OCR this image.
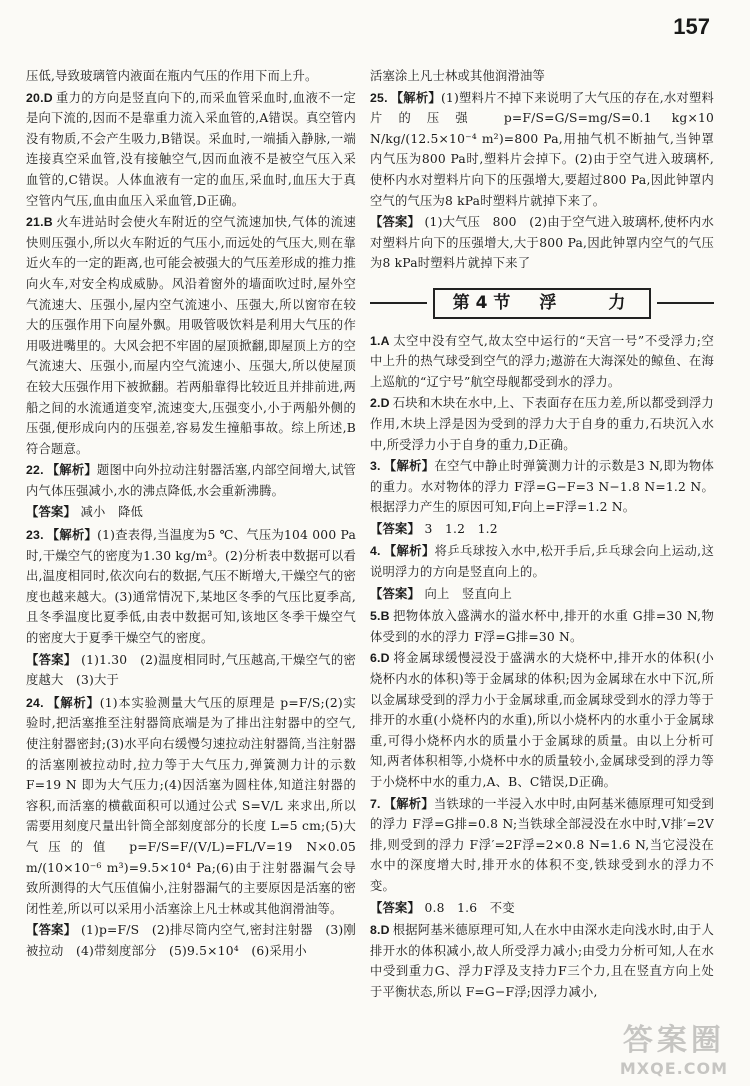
157

压低,导致玻璃管内液面在瓶内气压的作用下而上升。

20.D 重力的方向是竖直向下的,而采血管采血时,血液不一定是向下流的,因而不是靠重力流入采血管的,A错误。真空管内没有物质,不会产生吸力,B错误。采血时,一端插入静脉,一端连接真空采血管,没有接触空气,因而血液不是被空气压入采血管的,C错误。人体血液有一定的血压,采血时,血压大于真空管内气压,血由血压入采血管,D正确。

21.B 火车进站时会使火车附近的空气流速加快,气体的流速快则压强小,所以火车附近的气压小,而远处的气压大,则在靠近火车的一定的距离,也可能会被强大的气压差形成的推力推向火车,对安全构成威胁。风沿着窗外的墙面吹过时,屋外空气流速大、压强小,屋内空气流速小、压强大,所以窗帘在较大的压强作用下向屋外飘。用吸管吸饮料是利用大气压的作用吸进嘴里的。大风会把不牢固的屋顶掀翻,即屋顶上方的空气流速大、压强小,而屋内空气流速小、压强大,所以使屋顶在较大压强作用下被掀翻。若两船靠得比较近且并排前进,两船之间的水流通道变窄,流速变大,压强变小,小于两船外侧的压强,便形成向内的压强差,容易发生撞船事故。综上所述,B符合题意。

22. 【解析】题图中向外拉动注射器活塞,内部空间增大,试管内气体压强减小,水的沸点降低,水会重新沸腾。

【答案】 减小　降低

23. 【解析】(1)查表得,当温度为5 ℃、气压为104 000 Pa时,干燥空气的密度为1.30 kg/m³。(2)分析表中数据可以看出,温度相同时,依次向右的数据,气压不断增大,干燥空气的密度也越来越大。(3)通常情况下,某地区冬季的气压比夏季高,且冬季温度比夏季低,由表中数据可知,该地区冬季干燥空气的密度大于夏季干燥空气的密度。

【答案】 (1)1.30　(2)温度相同时,气压越高,干燥空气的密度越大　(3)大于

24. 【解析】(1)本实验测量大气压的原理是 p=F/S;(2)实验时,把活塞推至注射器筒底端是为了排出注射器中的空气,使注射器密封;(3)水平向右缓慢匀速拉动注射器筒,当注射器的活塞刚被拉动时,拉力等于大气压力,弹簧测力计的示数 F=19 N 即为大气压力;(4)因活塞为圆柱体,知道注射器的容积,而活塞的横截面积可以通过公式 S=V/L 来求出,所以需要用刻度尺量出针筒全部刻度部分的长度 L=5 cm;(5)大气压的值 p=F/S=F/(V/L)=FL/V=19 N×0.05 m/(10×10⁻⁶ m³)=9.5×10⁴ Pa;(6)由于注射器漏气会导致所测得的大气压值偏小,注射器漏气的主要原因是活塞的密闭性差,所以可以采用小活塞涂上凡士林或其他润滑油等。

【答案】 (1)p=F/S　(2)排尽筒内空气,密封注射器　(3)刚被拉动　(4)带刻度部分　(5)9.5×10⁴　(6)采用小

活塞涂上凡士林或其他润滑油等

25. 【解析】(1)塑料片不掉下来说明了大气压的存在,水对塑料片的压强 p=F/S=G/S=mg/S=0.1 kg×10 N/kg/(12.5×10⁻⁴ m²)=800 Pa,用抽气机不断抽气,当钟罩内气压为800 Pa时,塑料片会掉下。(2)由于空气进入玻璃杯,使杯内水对塑料片向下的压强增大,要超过800 Pa,因此钟罩内空气的气压为8 kPa时塑料片就掉下来了。

【答案】 (1)大气压　800　(2)由于空气进入玻璃杯,使杯内水对塑料片向下的压强增大,大于800 Pa,因此钟罩内空气的气压为8 kPa时塑料片就掉下来了

第4节　浮　　力

1.A 太空中没有空气,故太空中运行的“天宫一号”不受浮力;空中上升的热气球受到空气的浮力;遨游在大海深处的鲸鱼、在海上巡航的“辽宁号”航空母舰都受到水的浮力。

2.D 石块和木块在水中,上、下表面存在压力差,所以都受到浮力作用,木块上浮是因为受到的浮力大于自身的重力,石块沉入水中,所受浮力小于自身的重力,D正确。

3. 【解析】在空气中静止时弹簧测力计的示数是3 N,即为物体的重力。水对物体的浮力 F浮=G−F=3 N−1.8 N=1.2 N。根据浮力产生的原因可知,F向上=F浮=1.2 N。

【答案】 3　1.2　1.2

4. 【解析】将乒乓球按入水中,松开手后,乒乓球会向上运动,这说明浮力的方向是竖直向上的。

【答案】 向上　竖直向上

5.B 把物体放入盛满水的溢水杯中,排开的水重 G排=30 N,物体受到的水的浮力 F浮=G排=30 N。

6.D 将金属球缓慢浸没于盛满水的大烧杯中,排开水的体积(小烧杯内水的体积)等于金属球的体积;因为金属球在水中下沉,所以金属球受到的浮力小于金属球重,而金属球受到水的浮力等于排开的水重(小烧杯内的水重),所以小烧杯内的水重小于金属球重,可得小烧杯内水的质量小于金属球的质量。由以上分析可知,两者体积相等,小烧杯中水的质量较小,金属球受到的浮力等于小烧杯中水的重力,A、B、C错误,D正确。

7. 【解析】当铁球的一半浸入水中时,由阿基米德原理可知受到的浮力 F浮=G排=0.8 N;当铁球全部浸没在水中时,V排′=2V排,则受到的浮力 F浮′=2F浮=2×0.8 N=1.6 N,当它浸没在水中的深度增大时,排开水的体积不变,铁球受到水的浮力不变。

【答案】 0.8　1.6　不变

8.D 根据阿基米德原理可知,人在水中由深水走向浅水时,由于人排开水的体积减小,故人所受浮力减小;由受力分析可知,人在水中受到重力G、浮力F浮及支持力F三个力,且在竖直方向上处于平衡状态,所以 F=G−F浮;因浮力减小,

答案圈
MXQE.COM
